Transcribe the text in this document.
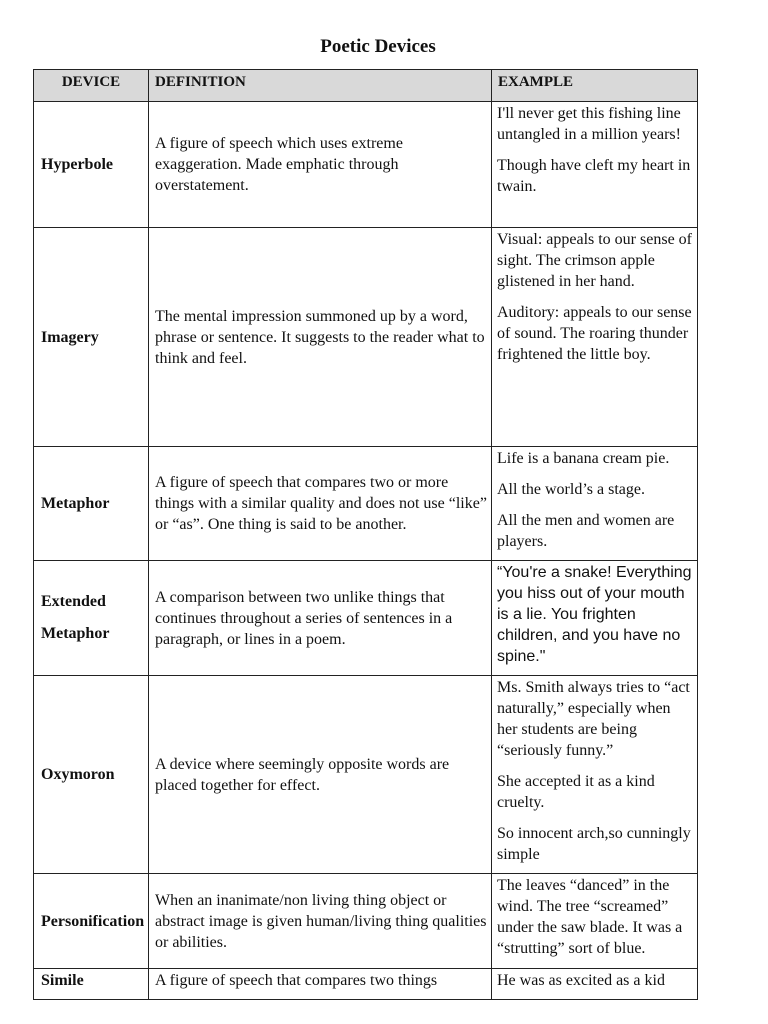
Poetic Devices
DEVICE	DEFINITION	EXAMPLE
Hyperbole	A figure of speech which uses extreme exaggeration. Made emphatic through overstatement.	I'll never get this fishing line untangled in a million years!

Though have cleft my heart in twain.

Imagery	The mental impression summoned up by a word, phrase or sentence. It suggests to the reader what to think and feel.	Visual: appeals to our sense of sight. The crimson apple glistened in her hand.

Auditory: appeals to our sense of sound. The roaring thunder frightened the little boy.

Metaphor	A figure of speech that compares two or more things with a similar quality and does not use “like” or “as”. One thing is said to be another.	Life is a banana cream pie.

All the world’s a stage.

All the men and women are players.

Extended
Metaphor	A comparison between two unlike things that continues throughout a series of sentences in a paragraph, or lines in a poem.	“You're a snake! Everything you hiss out of your mouth is a lie. You frighten children, and you have no spine."

Oxymoron	A device where seemingly opposite words are placed together for effect.	Ms. Smith always tries to “act naturally,” especially when her students are being “seriously funny.”

She accepted it as a kind cruelty.

So innocent arch,so cunningly simple

Personification	When an inanimate/non living thing object or abstract image is given human/living thing qualities or abilities.	The leaves “danced” in the wind. The tree “screamed” under the saw blade. It was a “strutting” sort of blue.

Simile	A figure of speech that compares two things	He was as excited as a kid
